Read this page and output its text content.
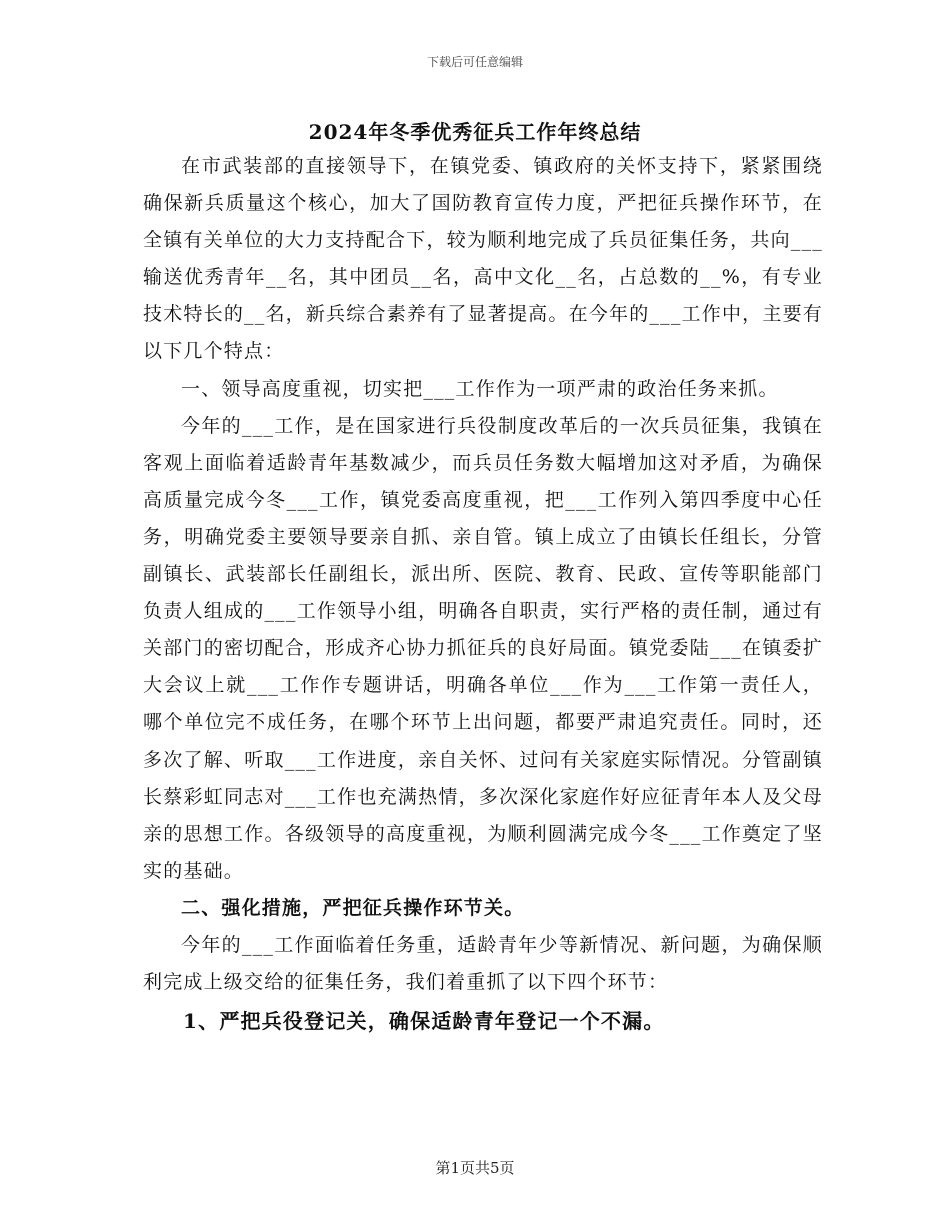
下载后可任意编辑
2024年冬季优秀征兵工作年终总结

在市武装部的直接领导下，在镇党委、镇政府的关怀支持下，紧紧围绕确保新兵质量这个核心，加大了国防教育宣传力度，严把征兵操作环节，在全镇有关单位的大力支持配合下，较为顺利地完成了兵员征集任务，共向___输送优秀青年__名，其中团员__名，高中文化__名，占总数的__%，有专业技术特长的__名，新兵综合素养有了显著提高。在今年的___工作中，主要有以下几个特点：

一、领导高度重视，切实把___工作作为一项严肃的政治任务来抓。

今年的___工作，是在国家进行兵役制度改革后的一次兵员征集，我镇在客观上面临着适龄青年基数减少，而兵员任务数大幅增加这对矛盾，为确保高质量完成今冬___工作，镇党委高度重视，把___工作列入第四季度中心任务，明确党委主要领导要亲自抓、亲自管。镇上成立了由镇长任组长，分管副镇长、武装部长任副组长，派出所、医院、教育、民政、宣传等职能部门负责人组成的___工作领导小组，明确各自职责，实行严格的责任制，通过有关部门的密切配合，形成齐心协力抓征兵的良好局面。镇党委陆___在镇委扩大会议上就___工作作专题讲话，明确各单位___作为___工作第一责任人，哪个单位完不成任务，在哪个环节上出问题，都要严肃追究责任。同时，还多次了解、听取___工作进度，亲自关怀、过问有关家庭实际情况。分管副镇长蔡彩虹同志对___工作也充满热情，多次深化家庭作好应征青年本人及父母亲的思想工作。各级领导的高度重视，为顺利圆满完成今冬___工作奠定了坚实的基础。

二、强化措施，严把征兵操作环节关。

今年的___工作面临着任务重，适龄青年少等新情况、新问题，为确保顺利完成上级交给的征集任务，我们着重抓了以下四个环节：

1、严把兵役登记关，确保适龄青年登记一个不漏。

第1页共5页
